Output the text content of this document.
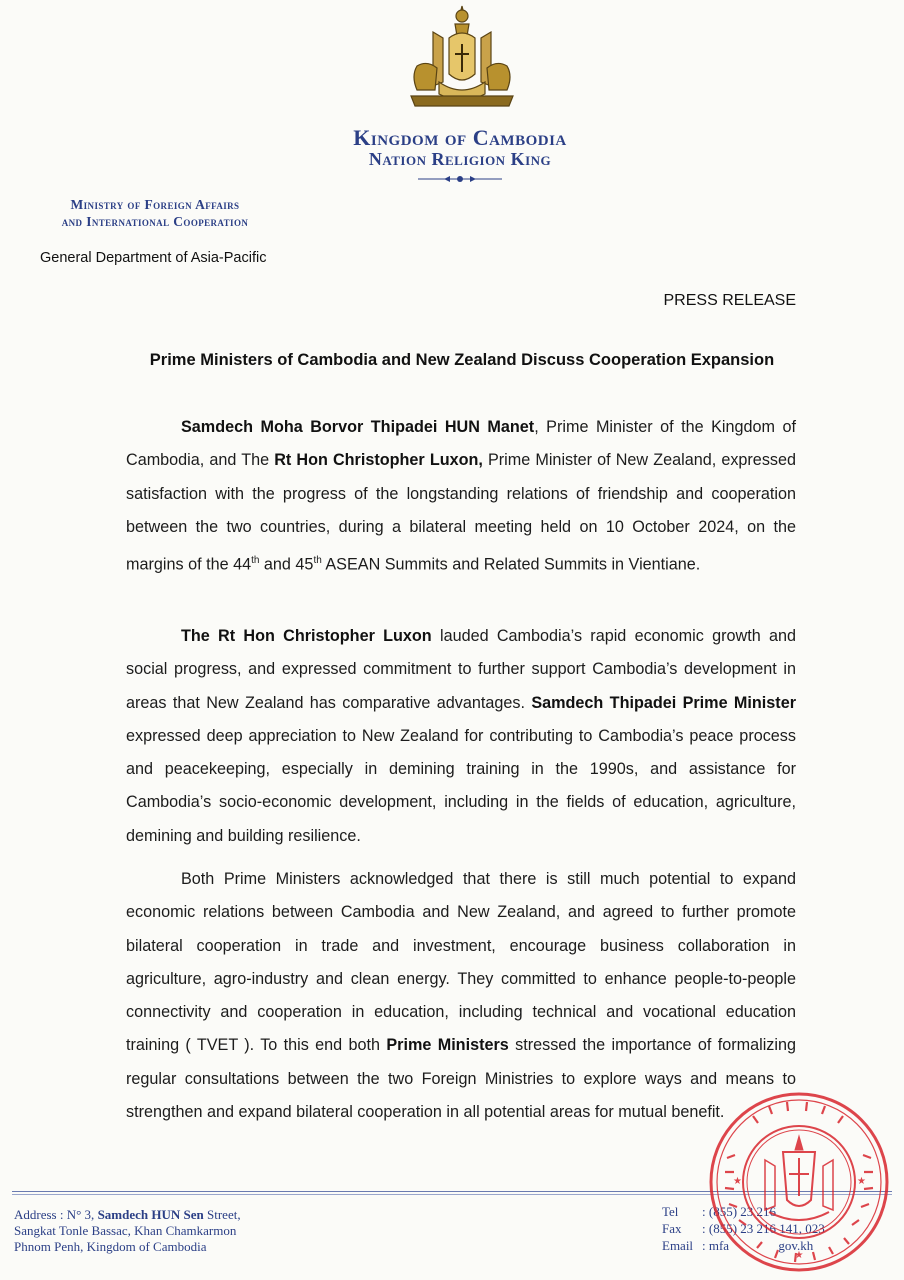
Kingdom of Cambodia
Nation Religion King
Ministry of Foreign Affairs
and International Cooperation
General Department of Asia-Pacific
PRESS RELEASE
Prime Ministers of Cambodia and New Zealand Discuss Cooperation Expansion
Samdech Moha Borvor Thipadei HUN Manet, Prime Minister of the Kingdom of Cambodia, and The Rt Hon Christopher Luxon, Prime Minister of New Zealand, expressed satisfaction with the progress of the longstanding relations of friendship and cooperation between the two countries, during a bilateral meeting held on 10 October 2024, on the margins of the 44th and 45th ASEAN Summits and Related Summits in Vientiane.
The Rt Hon Christopher Luxon lauded Cambodia’s rapid economic growth and social progress, and expressed commitment to further support Cambodia’s development in areas that New Zealand has comparative advantages. Samdech Thipadei Prime Minister expressed deep appreciation to New Zealand for contributing to Cambodia’s peace process and peacekeeping, especially in demining training in the 1990s, and assistance for Cambodia’s socio-economic development, including in the fields of education, agriculture, demining and building resilience.
Both Prime Ministers acknowledged that there is still much potential to expand economic relations between Cambodia and New Zealand, and agreed to further promote bilateral cooperation in trade and investment, encourage business collaboration in agriculture, agro-industry and clean energy. They committed to enhance people-to-people connectivity and cooperation in education, including technical and vocational education training ( TVET ). To this end both Prime Ministers stressed the importance of formalizing regular consultations between the two Foreign Ministries to explore ways and means to strengthen and expand bilateral cooperation in all potential areas for mutual benefit.
Address : N° 3, Samdech HUN Sen Street,
Sangkat Tonle Bassac, Khan Chamkarmon
Phnom Penh, Kingdom of Cambodia
Tel : (855) 23 216
Fax : (855) 23 216 141, 023
Email : mfa	gov.kh
★
★	★
